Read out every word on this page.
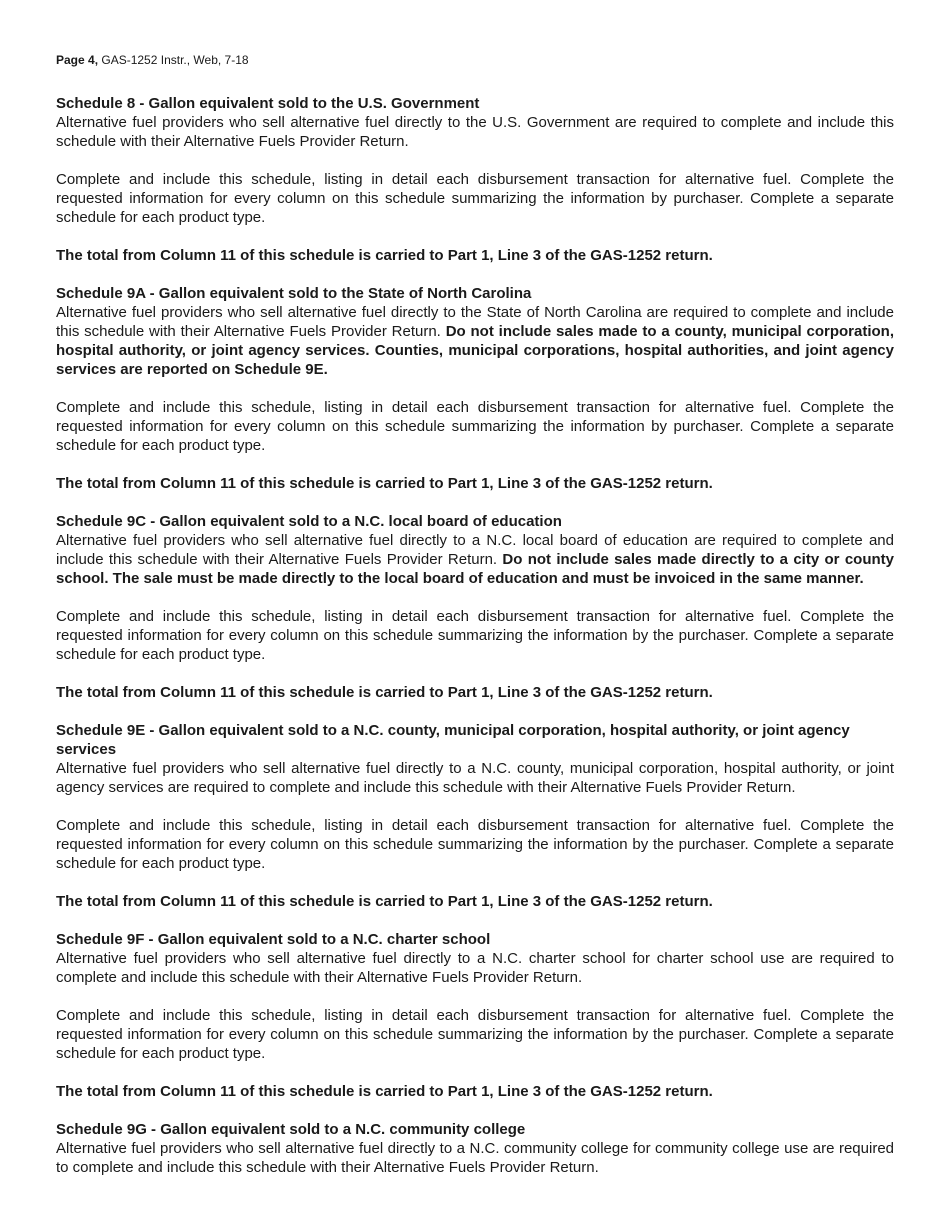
Page 4, GAS-1252 Instr., Web, 7-18
Schedule 8 - Gallon equivalent sold to the U.S. Government

Alternative fuel providers who sell alternative fuel directly to the U.S. Government are required to complete and include this schedule with their Alternative Fuels Provider Return.

Complete and include this schedule, listing in detail each disbursement transaction for alternative fuel. Complete the requested information for every column on this schedule summarizing the information by purchaser. Complete a separate schedule for each product type.

The total from Column 11 of this schedule is carried to Part 1, Line 3 of the GAS-1252 return.

Schedule 9A - Gallon equivalent sold to the State of North Carolina

Alternative fuel providers who sell alternative fuel directly to the State of North Carolina are required to complete and include this schedule with their Alternative Fuels Provider Return. Do not include sales made to a county, municipal corporation, hospital authority, or joint agency services. Counties, municipal corporations, hospital authorities, and joint agency services are reported on Schedule 9E.

Complete and include this schedule, listing in detail each disbursement transaction for alternative fuel. Complete the requested information for every column on this schedule summarizing the information by purchaser. Complete a separate schedule for each product type.

The total from Column 11 of this schedule is carried to Part 1, Line 3 of the GAS-1252 return.

Schedule 9C - Gallon equivalent sold to a N.C. local board of education

Alternative fuel providers who sell alternative fuel directly to a N.C. local board of education are required to complete and include this schedule with their Alternative Fuels Provider Return. Do not include sales made directly to a city or county school. The sale must be made directly to the local board of education and must be invoiced in the same manner.

Complete and include this schedule, listing in detail each disbursement transaction for alternative fuel. Complete the requested information for every column on this schedule summarizing the information by the purchaser. Complete a separate schedule for each product type.

The total from Column 11 of this schedule is carried to Part 1, Line 3 of the GAS-1252 return.

Schedule 9E - Gallon equivalent sold to a N.C. county, municipal corporation, hospital authority, or joint agency services

Alternative fuel providers who sell alternative fuel directly to a N.C. county, municipal corporation, hospital authority, or joint agency services are required to complete and include this schedule with their Alternative Fuels Provider Return.

Complete and include this schedule, listing in detail each disbursement transaction for alternative fuel. Complete the requested information for every column on this schedule summarizing the information by the purchaser. Complete a separate schedule for each product type.

The total from Column 11 of this schedule is carried to Part 1, Line 3 of the GAS-1252 return.

Schedule 9F - Gallon equivalent sold to a N.C. charter school

Alternative fuel providers who sell alternative fuel directly to a N.C. charter school for charter school use are required to complete and include this schedule with their Alternative Fuels Provider Return.

Complete and include this schedule, listing in detail each disbursement transaction for alternative fuel. Complete the requested information for every column on this schedule summarizing the information by the purchaser. Complete a separate schedule for each product type.

The total from Column 11 of this schedule is carried to Part 1, Line 3 of the GAS-1252 return.

Schedule 9G - Gallon equivalent sold to a N.C. community college

Alternative fuel providers who sell alternative fuel directly to a N.C. community college for community college use are required to complete and include this schedule with their Alternative Fuels Provider Return.
